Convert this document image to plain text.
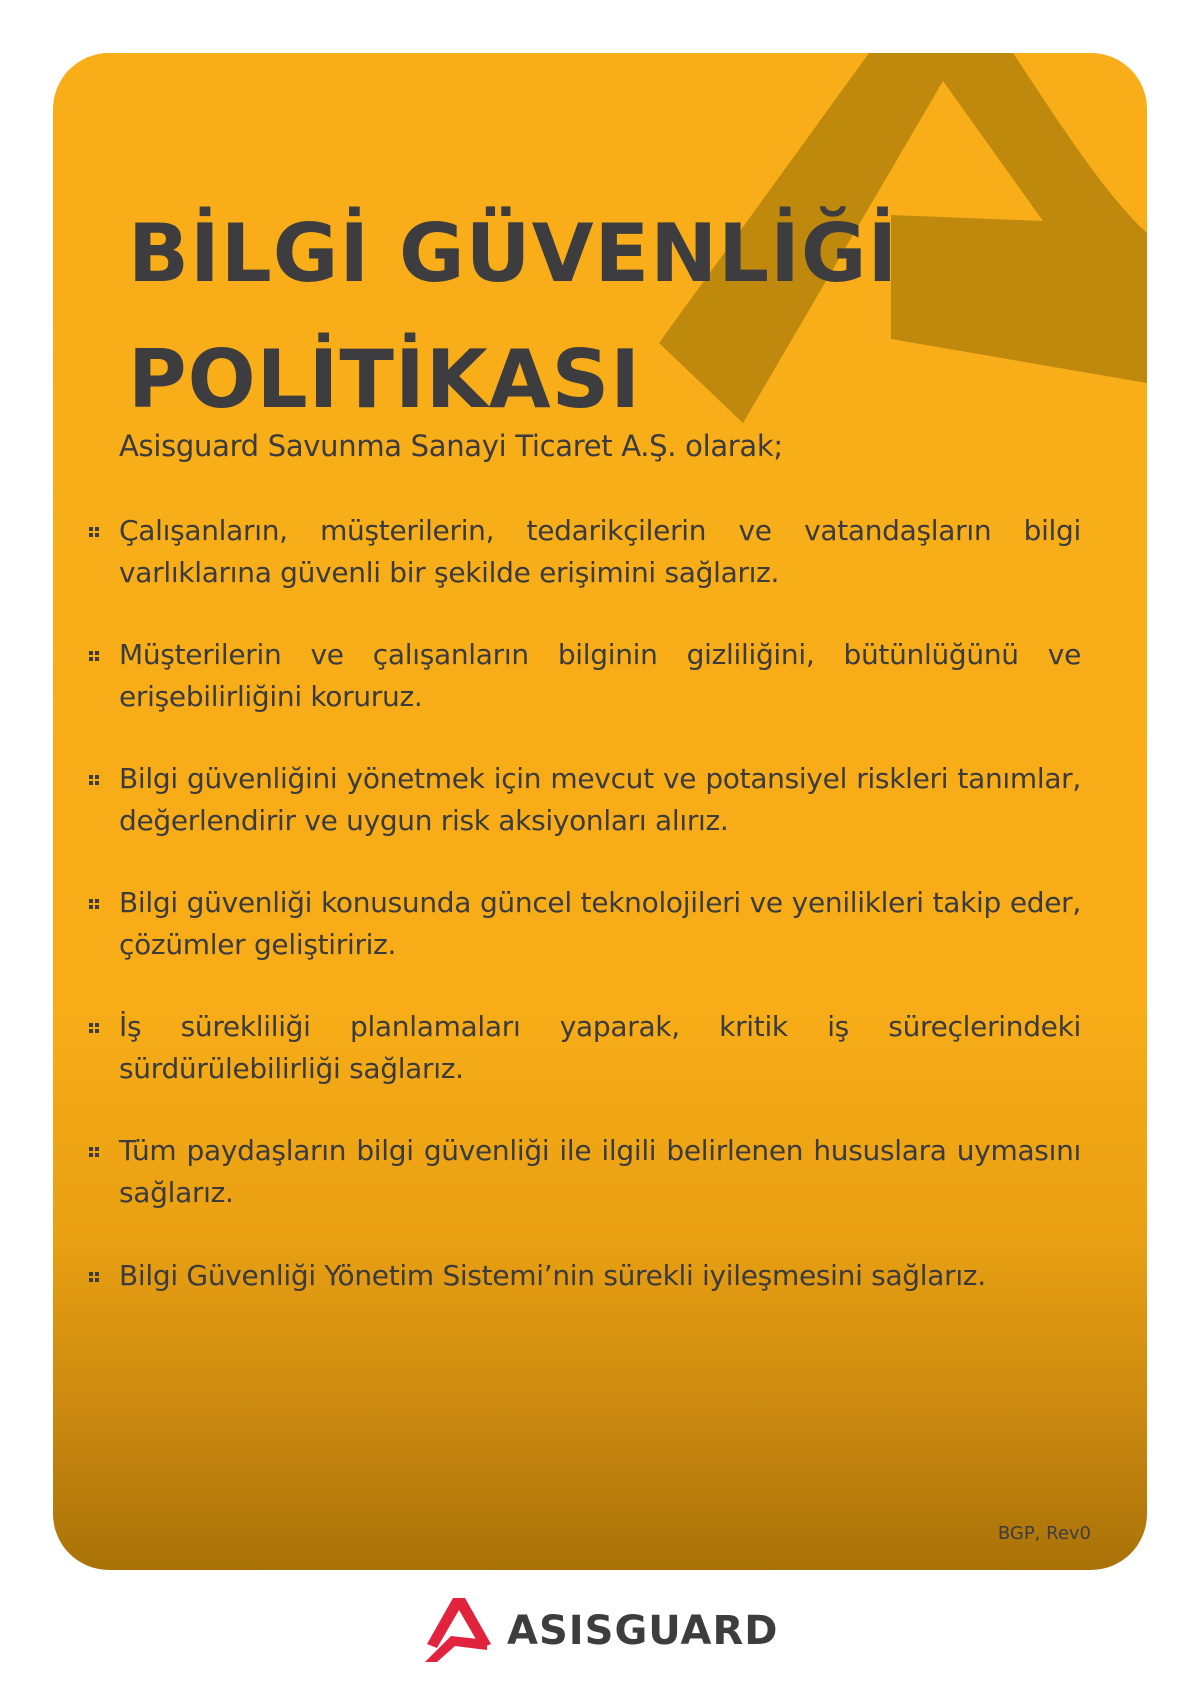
BİLGİ GÜVENLİĞİ
POLİTİKASI
Asisguard Savunma Sanayi Ticaret A.Ş. olarak;
Çalışanların, müşterilerin, tedarikçilerin ve vatandaşların bilgi varlıklarına güvenli bir şekilde erişimini sağlarız.
Müşterilerin ve çalışanların bilginin gizliliğini, bütünlüğünü ve erişebilirliğini koruruz.
Bilgi güvenliğini yönetmek için mevcut ve potansiyel riskleri tanımlar, değerlendirir ve uygun risk aksiyonları alırız.
Bilgi güvenliği konusunda güncel teknolojileri ve yenilikleri takip eder, çözümler geliştiririz.
İş sürekliliği planlamaları yaparak, kritik iş süreçlerindeki sürdürülebilirliği sağlarız.
Tüm paydaşların bilgi güvenliği ile ilgili belirlenen hususlara uymasını sağlarız.
Bilgi Güvenliği Yönetim Sistemi’nin sürekli iyileşmesini sağlarız.
BGP, Rev0
ASISGUARD
